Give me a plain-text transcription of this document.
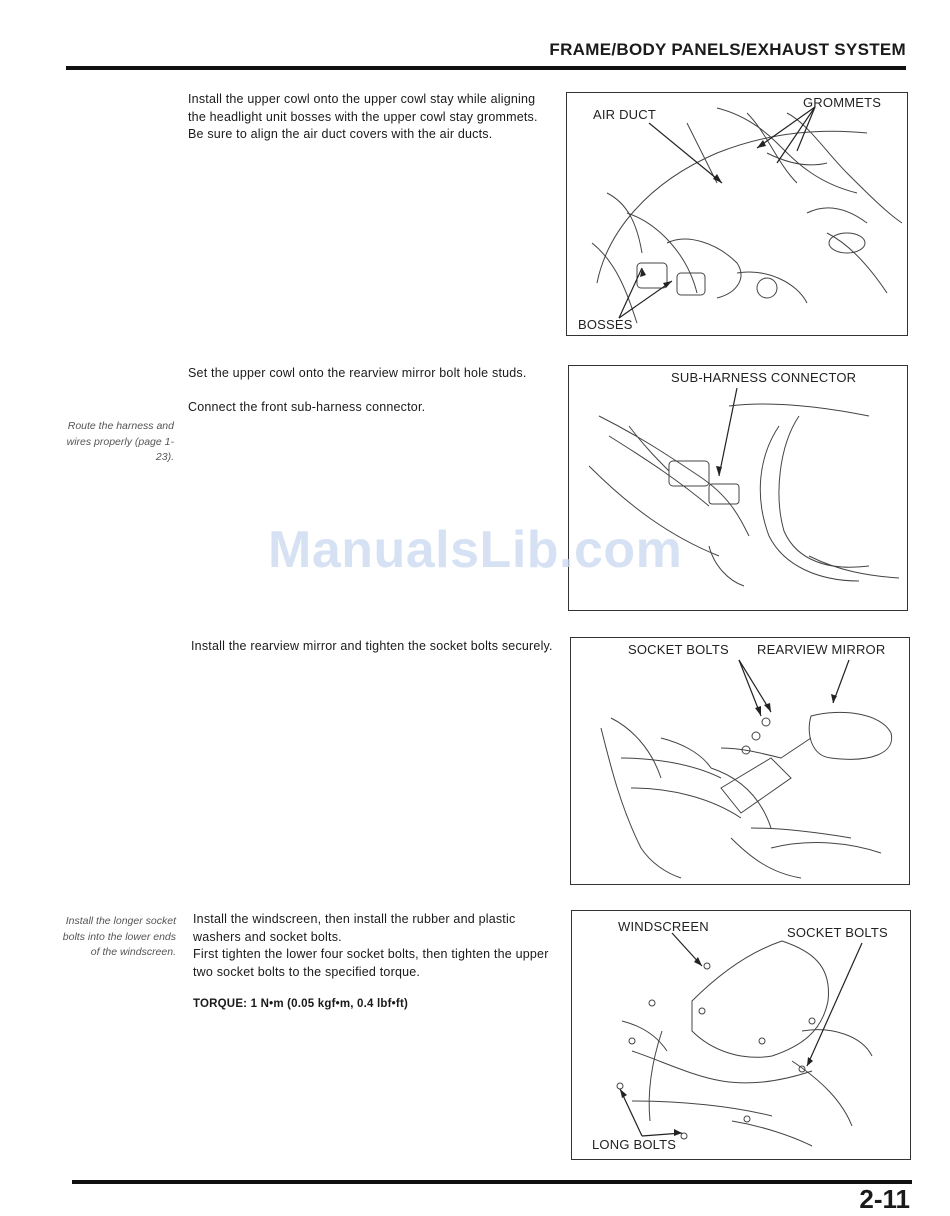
FRAME/BODY PANELS/EXHAUST SYSTEM

Install the upper cowl onto the upper cowl stay while aligning the headlight unit bosses with the upper cowl stay grommets.

Be sure to align the air duct covers with the air ducts.

AIR DUCT
GROMMETS
BOSSES

Set the upper cowl onto the rearview mirror bolt hole studs.

Connect the front sub-harness connector.

Route the harness and wires properly (page 1-23).
SUB-HARNESS CONNECTOR
ManualsLib.com

Install the rearview mirror and tighten the socket bolts securely.	SOCKET BOLTS REARVIEW MIRROR

Install the windscreen, then install the rubber and plastic washers and socket bolts.

First tighten the lower four socket bolts, then tighten the upper two socket bolts to the specified torque.

Install the longer socket bolts into the lower ends of the windscreen.
TORQUE: 1 N•m (0.05 kgf•m, 0.4 lbf•ft)
WINDSCREEN	SOCKET BOLTS
LONG BOLTS
2-11
